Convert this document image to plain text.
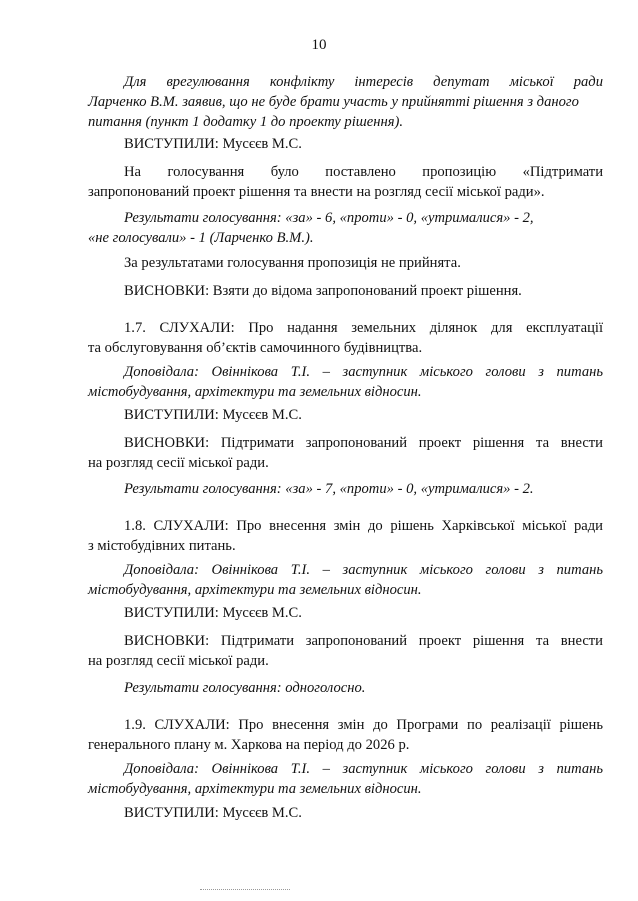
10

Для врегулювання конфлікту інтересів депутат міської ради
Ларченко В.М. заявив, що не буде брати участь у прийнятті рішення з даного
питання (пункт 1 додатку 1 до проекту рішення).

ВИСТУПИЛИ: Мусєєв М.С.

На голосування було поставлено пропозицію «Підтримати
запропонований проект рішення та внести на розгляд сесії міської ради».

Результати голосування: «за» - 6, «проти» - 0, «утрималися» - 2,
«не голосували» - 1 (Ларченко В.М.).

За результатами голосування пропозиція не прийнята.

ВИСНОВКИ: Взяти до відома запропонований проект рішення.

1.7. СЛУХАЛИ: Про надання земельних ділянок для експлуатації
та обслуговування об’єктів самочинного будівництва.

Доповідала: Овіннікова Т.І. – заступник міського голови з питань
містобудування, архітектури та земельних відносин.

ВИСТУПИЛИ: Мусєєв М.С.

ВИСНОВКИ: Підтримати запропонований проект рішення та внести
на розгляд сесії міської ради.

Результати голосування: «за» - 7, «проти» - 0, «утрималися» - 2.

1.8. СЛУХАЛИ: Про внесення змін до рішень Харківської міської ради
з містобудівних питань.

Доповідала: Овіннікова Т.І. – заступник міського голови з питань
містобудування, архітектури та земельних відносин.

ВИСТУПИЛИ: Мусєєв М.С.

ВИСНОВКИ: Підтримати запропонований проект рішення та внести
на розгляд сесії міської ради.

Результати голосування: одноголосно.

1.9. СЛУХАЛИ: Про внесення змін до Програми по реалізації рішень
генерального плану м. Харкова на період до 2026 р.

Доповідала: Овіннікова Т.І. – заступник міського голови з питань
містобудування, архітектури та земельних відносин.

ВИСТУПИЛИ: Мусєєв М.С.
